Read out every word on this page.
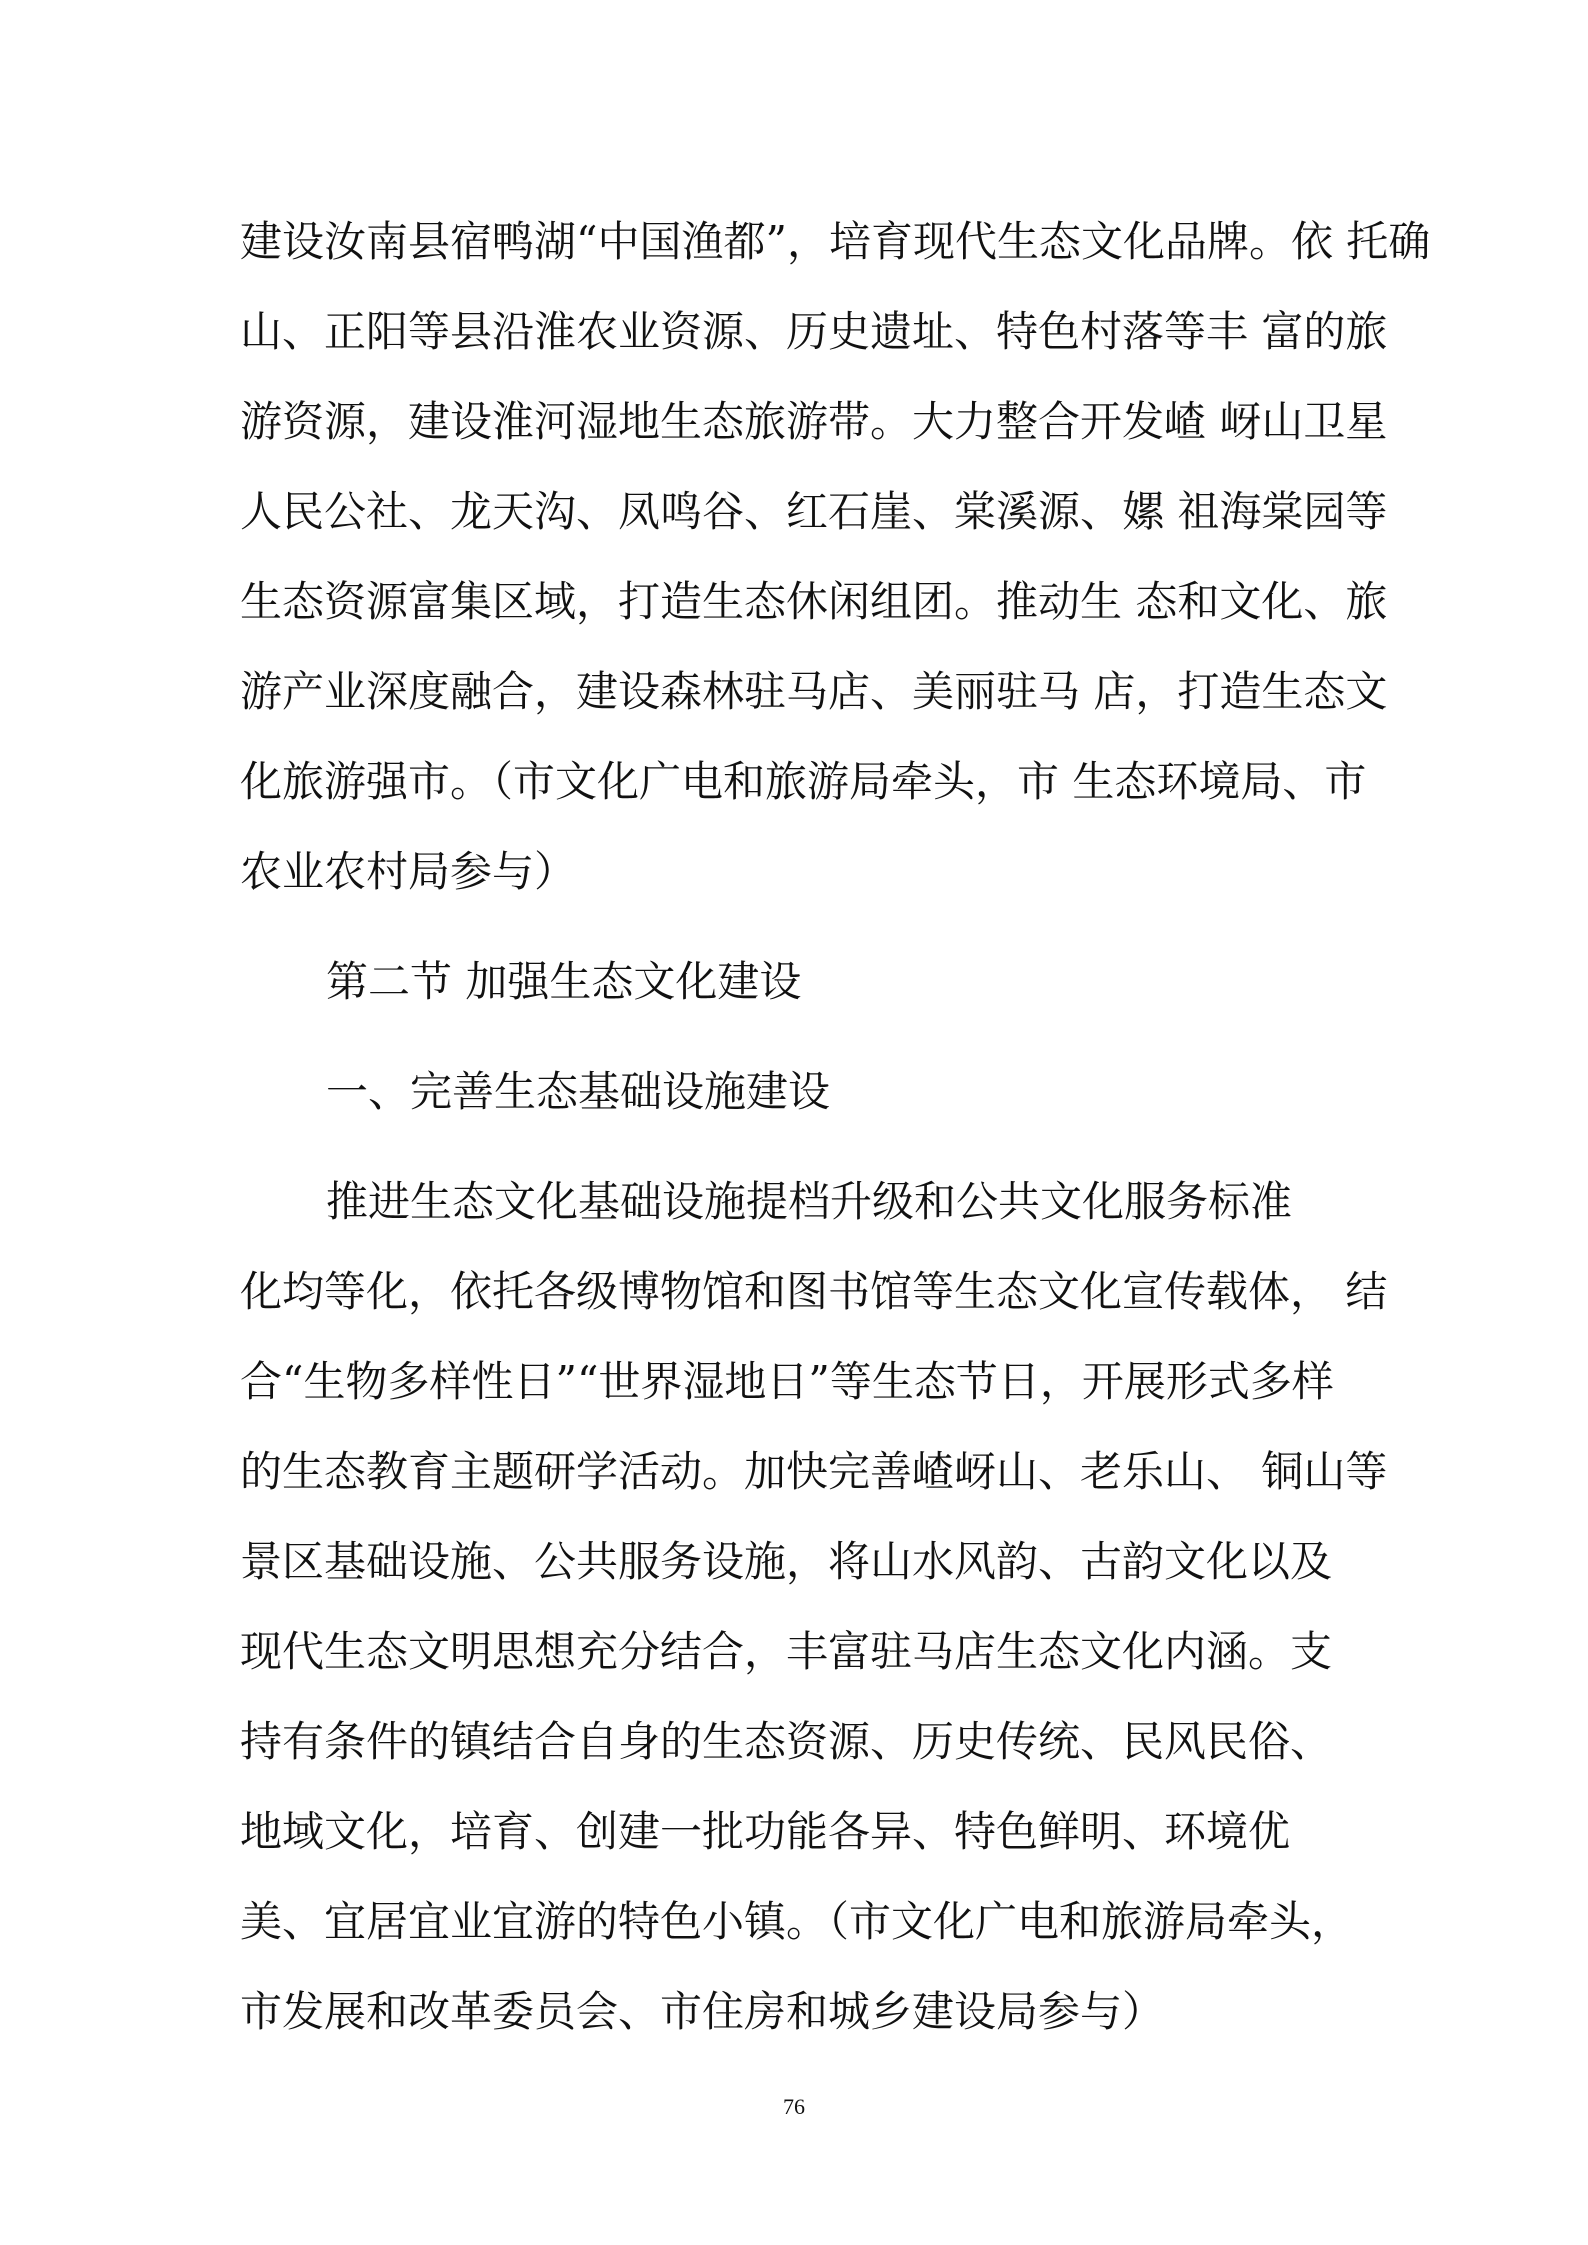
建设汝南县宿鸭湖“中国渔都”，培育现代生态文化品牌。依 托确

山、正阳等县沿淮农业资源、历史遗址、特色村落等丰 富的旅

游资源，建设淮河湿地生态旅游带。大力整合开发嵖 岈山卫星

人民公社、龙天沟、凤鸣谷、红石崖、棠溪源、嫘 祖海棠园等

生态资源富集区域，打造生态休闲组团。推动生 态和文化、旅

游产业深度融合，建设森林驻马店、美丽驻马 店，打造生态文

化旅游强市。（市文化广电和旅游局牵头，市 生态环境局、市

农业农村局参与）

第二节 加强生态文化建设

一、完善生态基础设施建设

推进生态文化基础设施提档升级和公共文化服务标准

化均等化，依托各级博物馆和图书馆等生态文化宣传载体， 结

合“生物多样性日”“世界湿地日”等生态节日，开展形式多样

的生态教育主题研学活动。加快完善嵖岈山、老乐山、 铜山等

景区基础设施、公共服务设施，将山水风韵、古韵文化以及

现代生态文明思想充分结合，丰富驻马店生态文化内涵。支

持有条件的镇结合自身的生态资源、历史传统、民风民俗、

地域文化，培育、创建一批功能各异、特色鲜明、环境优

美、宜居宜业宜游的特色小镇。（市文化广电和旅游局牵头，

市发展和改革委员会、市住房和城乡建设局参与）

76
